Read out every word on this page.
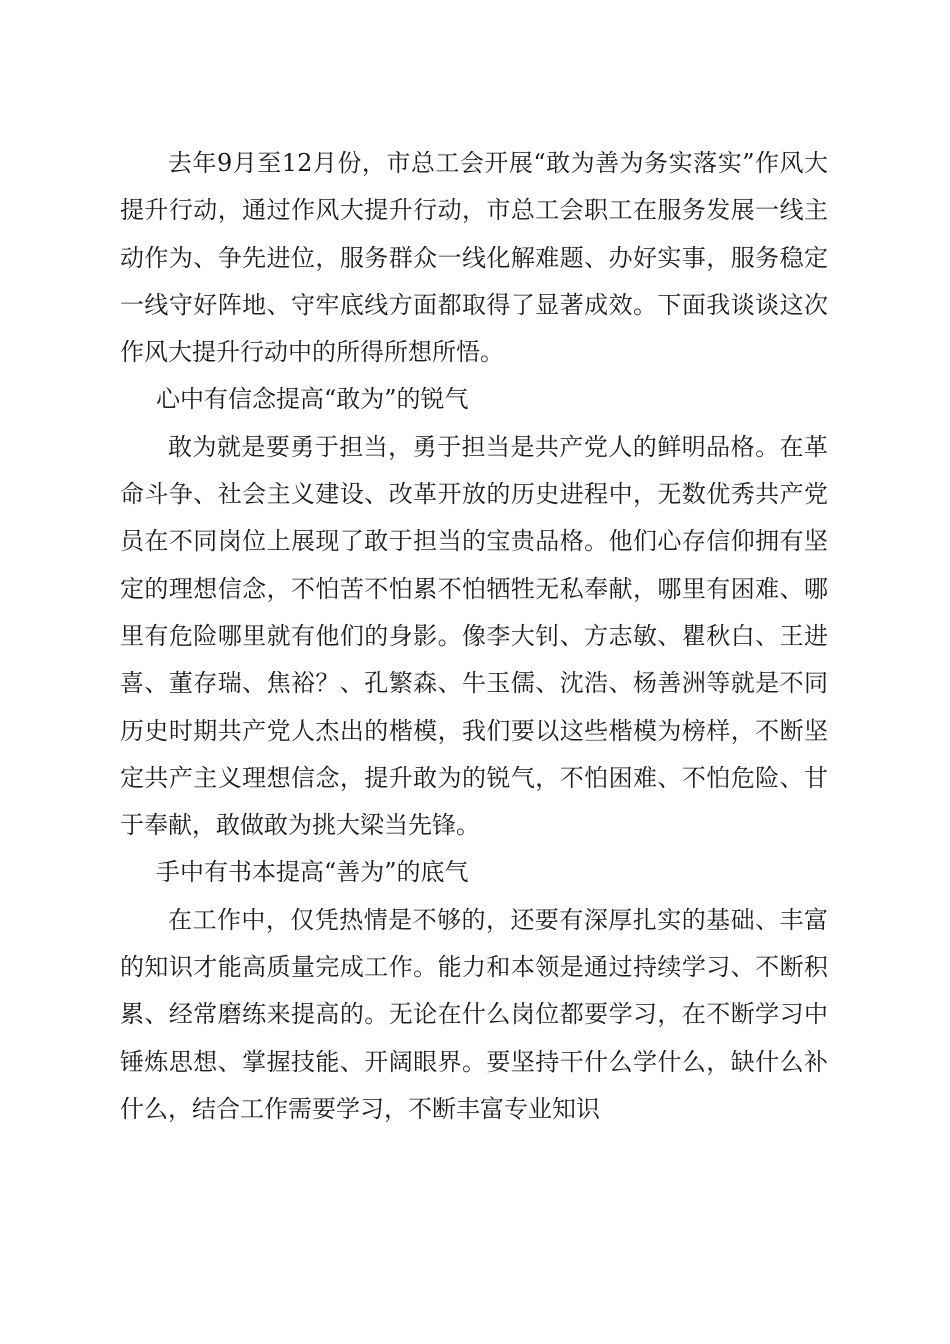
去年9月至12月份，市总工会开展“敢为善为务实落实”作风大提升行动，通过作风大提升行动，市总工会职工在服务发展一线主动作为、争先进位，服务群众一线化解难题、办好实事，服务稳定一线守好阵地、守牢底线方面都取得了显著成效。下面我谈谈这次作风大提升行动中的所得所想所悟。

心中有信念提高“敢为”的锐气

敢为就是要勇于担当，勇于担当是共产党人的鲜明品格。在革命斗争、社会主义建设、改革开放的历史进程中，无数优秀共产党员在不同岗位上展现了敢于担当的宝贵品格。他们心存信仰拥有坚定的理想信念，不怕苦不怕累不怕牺牲无私奉献，哪里有困难、哪里有危险哪里就有他们的身影。像李大钊、方志敏、瞿秋白、王进喜、董存瑞、焦裕？、孔繁森、牛玉儒、沈浩、杨善洲等就是不同历史时期共产党人杰出的楷模，我们要以这些楷模为榜样，不断坚定共产主义理想信念，提升敢为的锐气，不怕困难、不怕危险、甘于奉献，敢做敢为挑大梁当先锋。

手中有书本提高“善为”的底气

在工作中，仅凭热情是不够的，还要有深厚扎实的基础、丰富的知识才能高质量完成工作。能力和本领是通过持续学习、不断积累、经常磨练来提高的。无论在什么岗位都要学习，在不断学习中锤炼思想、掌握技能、开阔眼界。要坚持干什么学什么，缺什么补什么，结合工作需要学习，不断丰富专业知识
